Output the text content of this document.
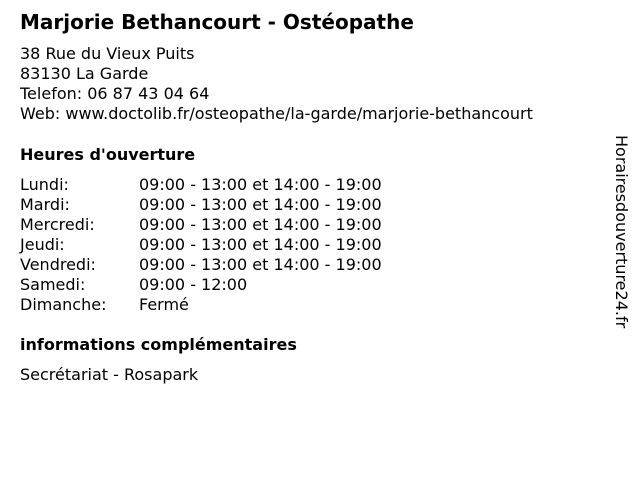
Marjorie Bethancourt - Ostéopathe
38 Rue du Vieux Puits
83130 La Garde
Telefon: 06 87 43 04 64
Web: www.doctolib.fr/osteopathe/la-garde/marjorie-bethancourt
Heures d'ouverture
Lundi:	09:00 - 13:00 et 14:00 - 19:00
Mardi:	09:00 - 13:00 et 14:00 - 19:00
Mercredi:	09:00 - 13:00 et 14:00 - 19:00
Jeudi:	09:00 - 13:00 et 14:00 - 19:00
Vendredi:	09:00 - 13:00 et 14:00 - 19:00
Samedi:	09:00 - 12:00
Dimanche: Fermé
informations complémentaires
Secrétariat - Rosapark
Horairesdouverture24.fr
